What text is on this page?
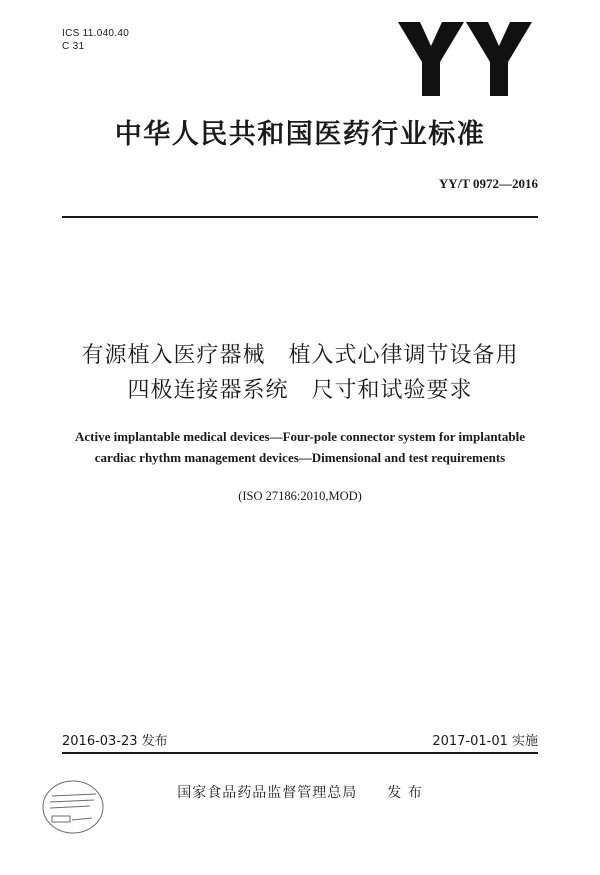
ICS 11.040.40
C 31
中华人民共和国医药行业标准
YY/T 0972—2016
有源植入医疗器械　植入式心律调节设备用
四极连接器系统　尺寸和试验要求
Active implantable medical devices—Four-pole connector system for implantable
cardiac rhythm management devices—Dimensional and test requirements
(ISO 27186:2010,MOD)
2016-03-23 发布	2017-01-01 实施
国家食品药品监督管理总局　　发 布
